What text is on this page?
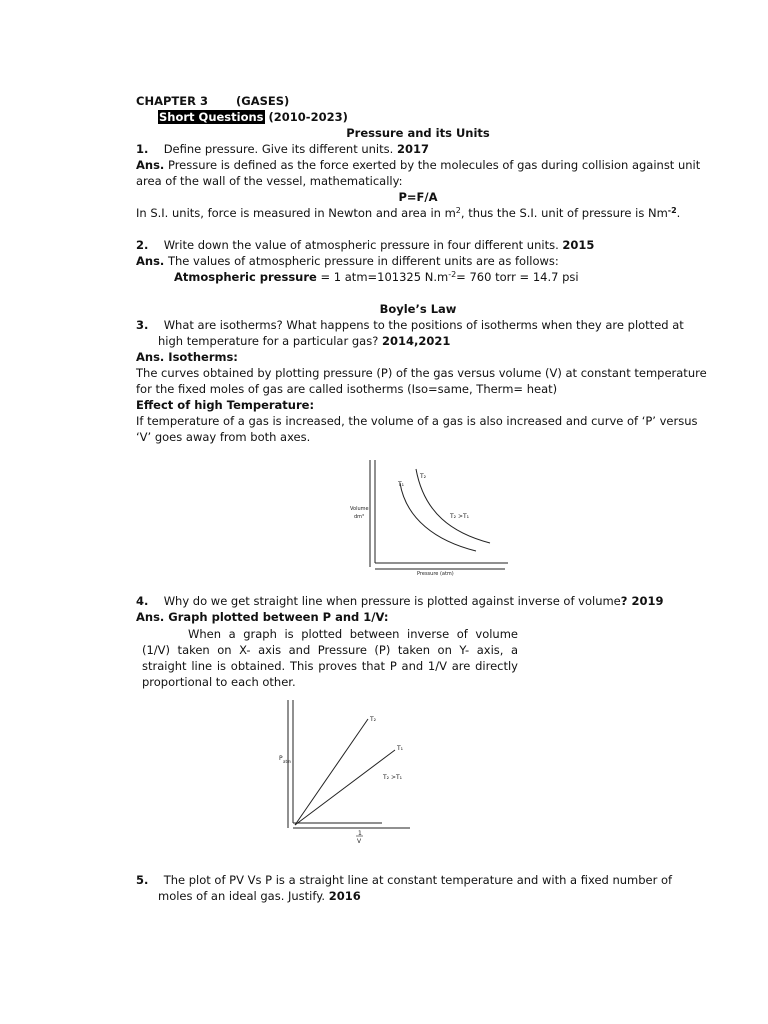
CHAPTER 3 (GASES)
Short Questions (2010-2023)
Pressure and its Units
1. Define pressure. Give its different units. 2017
Ans. Pressure is defined as the force exerted by the molecules of gas during collision against unit
area of the wall of the vessel, mathematically:
P=F/A
In S.I. units, force is measured in Newton and area in $m^2$, thus the S.I. unit of pressure is $Nm^{-2}$.
2. Write down the value of atmospheric pressure in four different units. 2015
Ans. The values of atmospheric pressure in different units are as follows:
Atmospheric pressure = 1 atm=101325 $N.m^{-2}= 760$ torr = 14.7 psi
Boyle’s Law
3. What are isotherms? What happens to the positions of isotherms when they are plotted at
high temperature for a particular gas? 2014,2021
Ans. Isotherms:
The curves obtained by plotting pressure (P) of the gas versus volume (V) at constant temperature
for the fixed moles of gas are called isotherms (Iso=same, Therm= heat)
Effect of high Temperature:
If temperature of a gas is increased, the volume of a gas is also increased and curve of ‘P’ versus
‘V’ goes away from both axes.
T₁
T₂
T₂ >T₁
Volume
dm³
Pressure (atm)
4. Why do we get straight line when pressure is plotted against inverse of volume? 2019
Ans. Graph plotted between P and 1/V:
When a graph is plotted between inverse of volume (1/V) taken on X- axis and Pressure (P) taken on Y- axis, a straight line is obtained. This proves that P and 1/V are directly proportional to each other.
T₂
T₁
T₂ >T₁
P atm
1
V
5. The plot of PV Vs P is a straight line at constant temperature and with a fixed number of
moles of an ideal gas. Justify. 2016
